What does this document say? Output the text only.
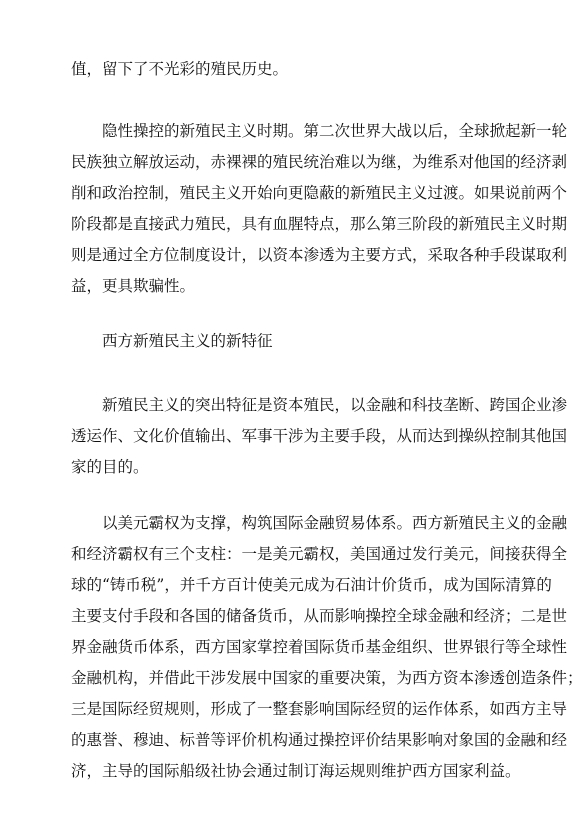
值，留下了不光彩的殖民历史。
　　隐性操控的新殖民主义时期。第二次世界大战以后，全球掀起新一轮
民族独立解放运动，赤裸裸的殖民统治难以为继，为维系对他国的经济剥
削和政治控制，殖民主义开始向更隐蔽的新殖民主义过渡。如果说前两个
阶段都是直接武力殖民，具有血腥特点，那么第三阶段的新殖民主义时期
则是通过全方位制度设计，以资本渗透为主要方式，采取各种手段谋取利
益，更具欺骗性。
　　西方新殖民主义的新特征
　　新殖民主义的突出特征是资本殖民，以金融和科技垄断、跨国企业渗
透运作、文化价值输出、军事干涉为主要手段，从而达到操纵控制其他国
家的目的。
　　以美元霸权为支撑，构筑国际金融贸易体系。西方新殖民主义的金融
和经济霸权有三个支柱：一是美元霸权，美国通过发行美元，间接获得全
球的“铸币税”，并千方百计使美元成为石油计价货币，成为国际清算的
主要支付手段和各国的储备货币，从而影响操控全球金融和经济；二是世
界金融货币体系，西方国家掌控着国际货币基金组织、世界银行等全球性
金融机构，并借此干涉发展中国家的重要决策，为西方资本渗透创造条件；
三是国际经贸规则，形成了一整套影响国际经贸的运作体系，如西方主导
的惠誉、穆迪、标普等评价机构通过操控评价结果影响对象国的金融和经
济，主导的国际船级社协会通过制订海运规则维护西方国家利益。
